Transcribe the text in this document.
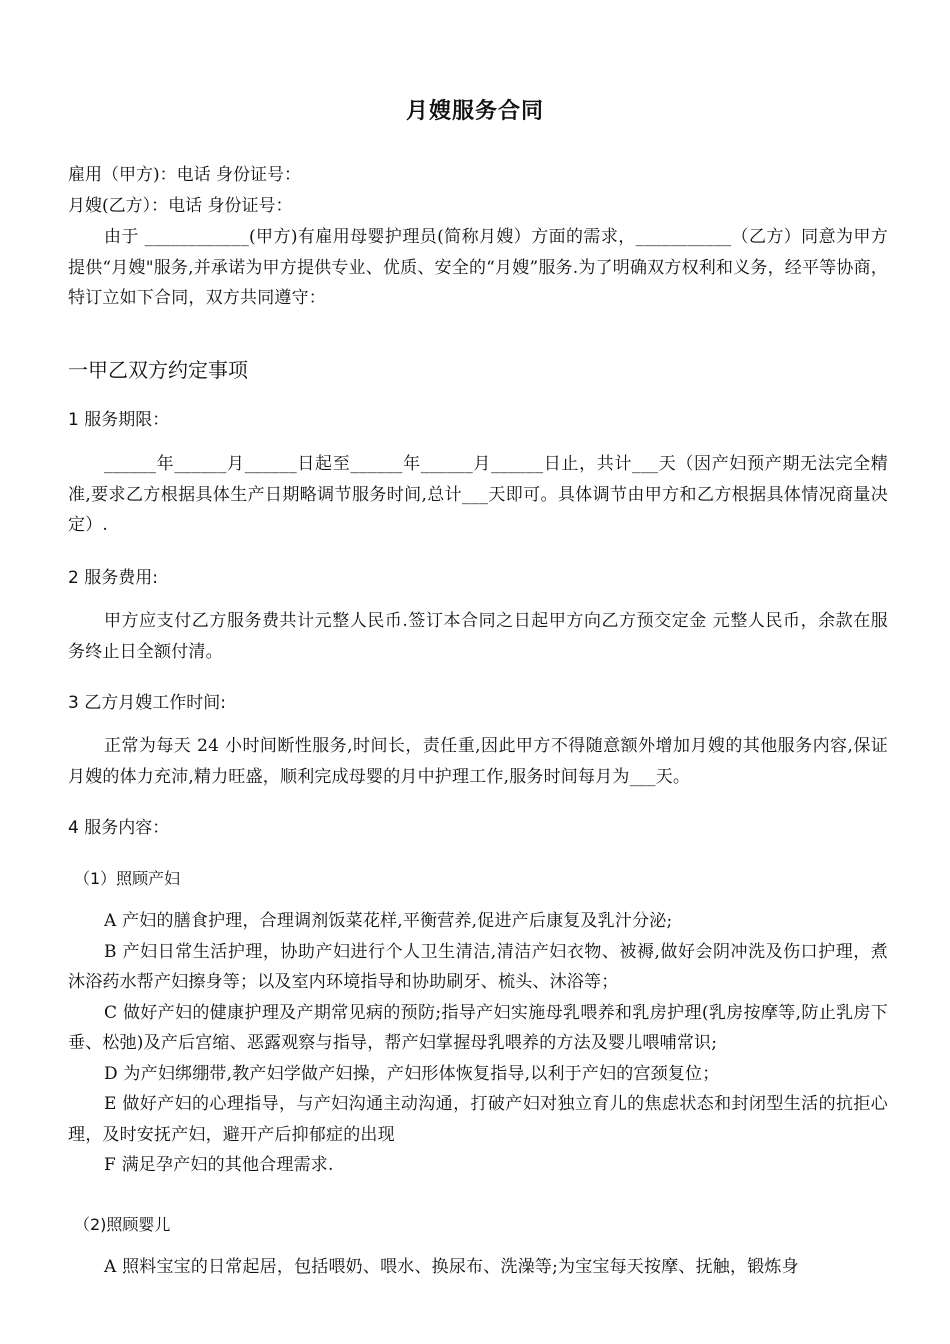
月嫂服务合同
雇用（甲方)：电话 身份证号：
月嫂(乙方）：电话 身份证号：
由于 ____________(甲方)有雇用母婴护理员(简称月嫂）方面的需求，___________（乙方）同意为甲方提供“月嫂"服务,并承诺为甲方提供专业、优质、安全的“月嫂”服务.为了明确双方权利和义务，经平等协商，特订立如下合同，双方共同遵守：
一甲乙双方约定事项
1 服务期限：
______年______月______日起至______年______月______日止，共计___天（因产妇预产期无法完全精准,要求乙方根据具体生产日期略调节服务时间,总计___天即可。具体调节由甲方和乙方根据具体情况商量决定）.
2 服务费用:
甲方应支付乙方服务费共计元整人民币.签订本合同之日起甲方向乙方预交定金 元整人民币，余款在服务终止日全额付清。
3 乙方月嫂工作时间:
正常为每天 24 小时间断性服务,时间长，责任重,因此甲方不得随意额外增加月嫂的其他服务内容,保证月嫂的体力充沛,精力旺盛，顺利完成母婴的月中护理工作,服务时间每月为___天。
4 服务内容：
（1）照顾产妇
A 产妇的膳食护理，合理调剂饭菜花样,平衡营养,促进产后康复及乳汁分泌;
B 产妇日常生活护理，协助产妇进行个人卫生清洁,清洁产妇衣物、被褥,做好会阴冲洗及伤口护理，煮沐浴药水帮产妇擦身等；以及室内环境指导和协助刷牙、梳头、沐浴等；
C 做好产妇的健康护理及产期常见病的预防;指导产妇实施母乳喂养和乳房护理(乳房按摩等,防止乳房下垂、松弛)及产后宫缩、恶露观察与指导，帮产妇掌握母乳喂养的方法及婴儿喂哺常识;
D 为产妇绑绷带,教产妇学做产妇操，产妇形体恢复指导,以利于产妇的宫颈复位；
E 做好产妇的心理指导，与产妇沟通主动沟通，打破产妇对独立育儿的焦虑状态和封闭型生活的抗拒心理，及时安抚产妇，避开产后抑郁症的出现
F 满足孕产妇的其他合理需求.
（2)照顾婴儿
A 照料宝宝的日常起居，包括喂奶、喂水、换尿布、洗澡等;为宝宝每天按摩、抚触，锻炼身
